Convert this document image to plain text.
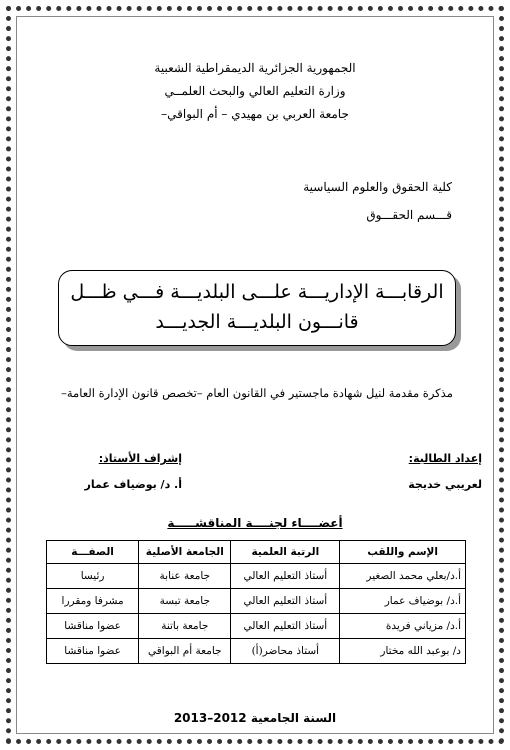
الجمهورية الجزائرية الديمقراطية الشعبية
وزارة التعليم العالي والبحث العلمــي
جامعة العربي بن مهيدي – أم البواقي–
كلية الحقوق والعلوم السياسية
قـــسم الحقـــوق
الرقابـــة الإداريـــة علـــى البلديـــة فـــي ظـــل
قانـــون البلديـــة الجديـــد
مذكرة مقدمة لنيل شهادة ماجستير في القانون العام –تخصص قانون الإدارة العامة–
إعداد الطالبة:
لعريبي خديجة
إشراف الأستاذ:
أ. د/ بوضياف عمار
أعضــــاء لجنــــة المناقشـــــة
الإسم واللقب	الرتبة العلمية	الجامعة الأصلية	الصفـــة
أ.د/بعلي محمد الصغير	أستاذ التعليم العالي	جامعة عنابة	رئيسا
أ.د/ بوضياف عمار	أستاذ التعليم العالي	جامعة تبسة	مشرفا ومقررا
أ.د/ مزياني فريدة	أستاذ التعليم العالي	جامعة باتنة	عضوا مناقشا
د/ بوعبد الله مختار	أستاذ محاضر(أ)	جامعة أم البواقي	عضوا مناقشا
السنة الجامعية 2012–2013
